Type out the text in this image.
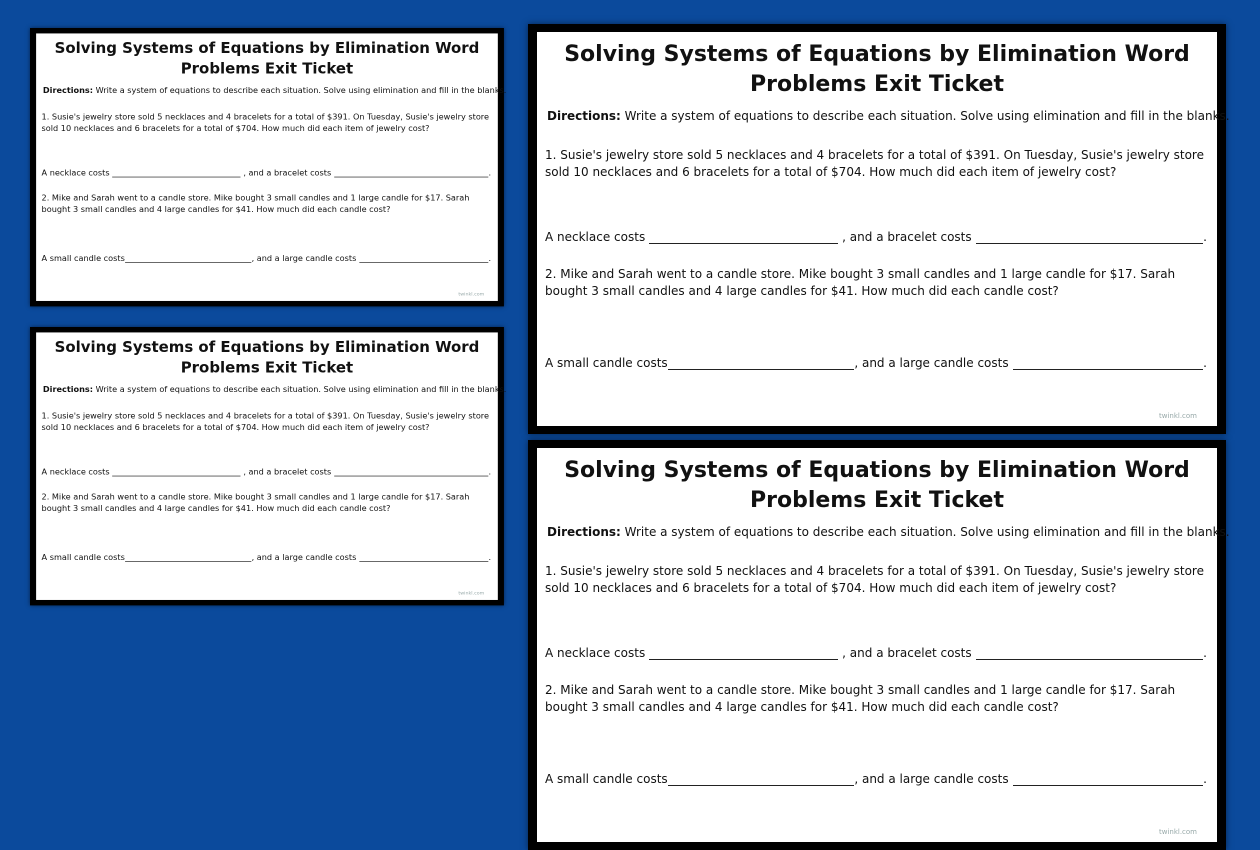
Solving Systems of Equations by Elimination Word
Problems Exit Ticket
Directions: Write a system of equations to describe each situation. Solve using elimination and fill in the blanks.
1. Susie's jewelry store sold 5 necklaces and 4 bracelets for a total of $391. On Tuesday, Susie's jewelry store sold 10 necklaces and 6 bracelets for a total of $704. How much did each item of jewelry cost?
A necklace costs	, and a bracelet costs	.
2. Mike and Sarah went to a candle store. Mike bought 3 small candles and 1 large candle for $17. Sarah bought 3 small candles and 4 large candles for $41. How much did each candle cost?
A small candle costs	, and a large candle costs	.
twinkl.com
Solving Systems of Equations by Elimination Word
Problems Exit Ticket
Directions: Write a system of equations to describe each situation. Solve using elimination and fill in the blanks.
1. Susie's jewelry store sold 5 necklaces and 4 bracelets for a total of $391. On Tuesday, Susie's jewelry store sold 10 necklaces and 6 bracelets for a total of $704. How much did each item of jewelry cost?
A necklace costs	, and a bracelet costs	.
2. Mike and Sarah went to a candle store. Mike bought 3 small candles and 1 large candle for $17. Sarah bought 3 small candles and 4 large candles for $41. How much did each candle cost?
A small candle costs	, and a large candle costs	.
twinkl.com
Solving Systems of Equations by Elimination Word
Problems Exit Ticket
Directions: Write a system of equations to describe each situation. Solve using elimination and fill in the blanks.
1. Susie's jewelry store sold 5 necklaces and 4 bracelets for a total of $391. On Tuesday, Susie's jewelry store sold 10 necklaces and 6 bracelets for a total of $704. How much did each item of jewelry cost?
A necklace costs	, and a bracelet costs	.
2. Mike and Sarah went to a candle store. Mike bought 3 small candles and 1 large candle for $17. Sarah bought 3 small candles and 4 large candles for $41. How much did each candle cost?
A small candle costs	, and a large candle costs	.
twinkl.com
Solving Systems of Equations by Elimination Word
Problems Exit Ticket
Directions: Write a system of equations to describe each situation. Solve using elimination and fill in the blanks.
1. Susie's jewelry store sold 5 necklaces and 4 bracelets for a total of $391. On Tuesday, Susie's jewelry store sold 10 necklaces and 6 bracelets for a total of $704. How much did each item of jewelry cost?
A necklace costs	, and a bracelet costs	.
2. Mike and Sarah went to a candle store. Mike bought 3 small candles and 1 large candle for $17. Sarah bought 3 small candles and 4 large candles for $41. How much did each candle cost?
A small candle costs	, and a large candle costs	.
twinkl.com
